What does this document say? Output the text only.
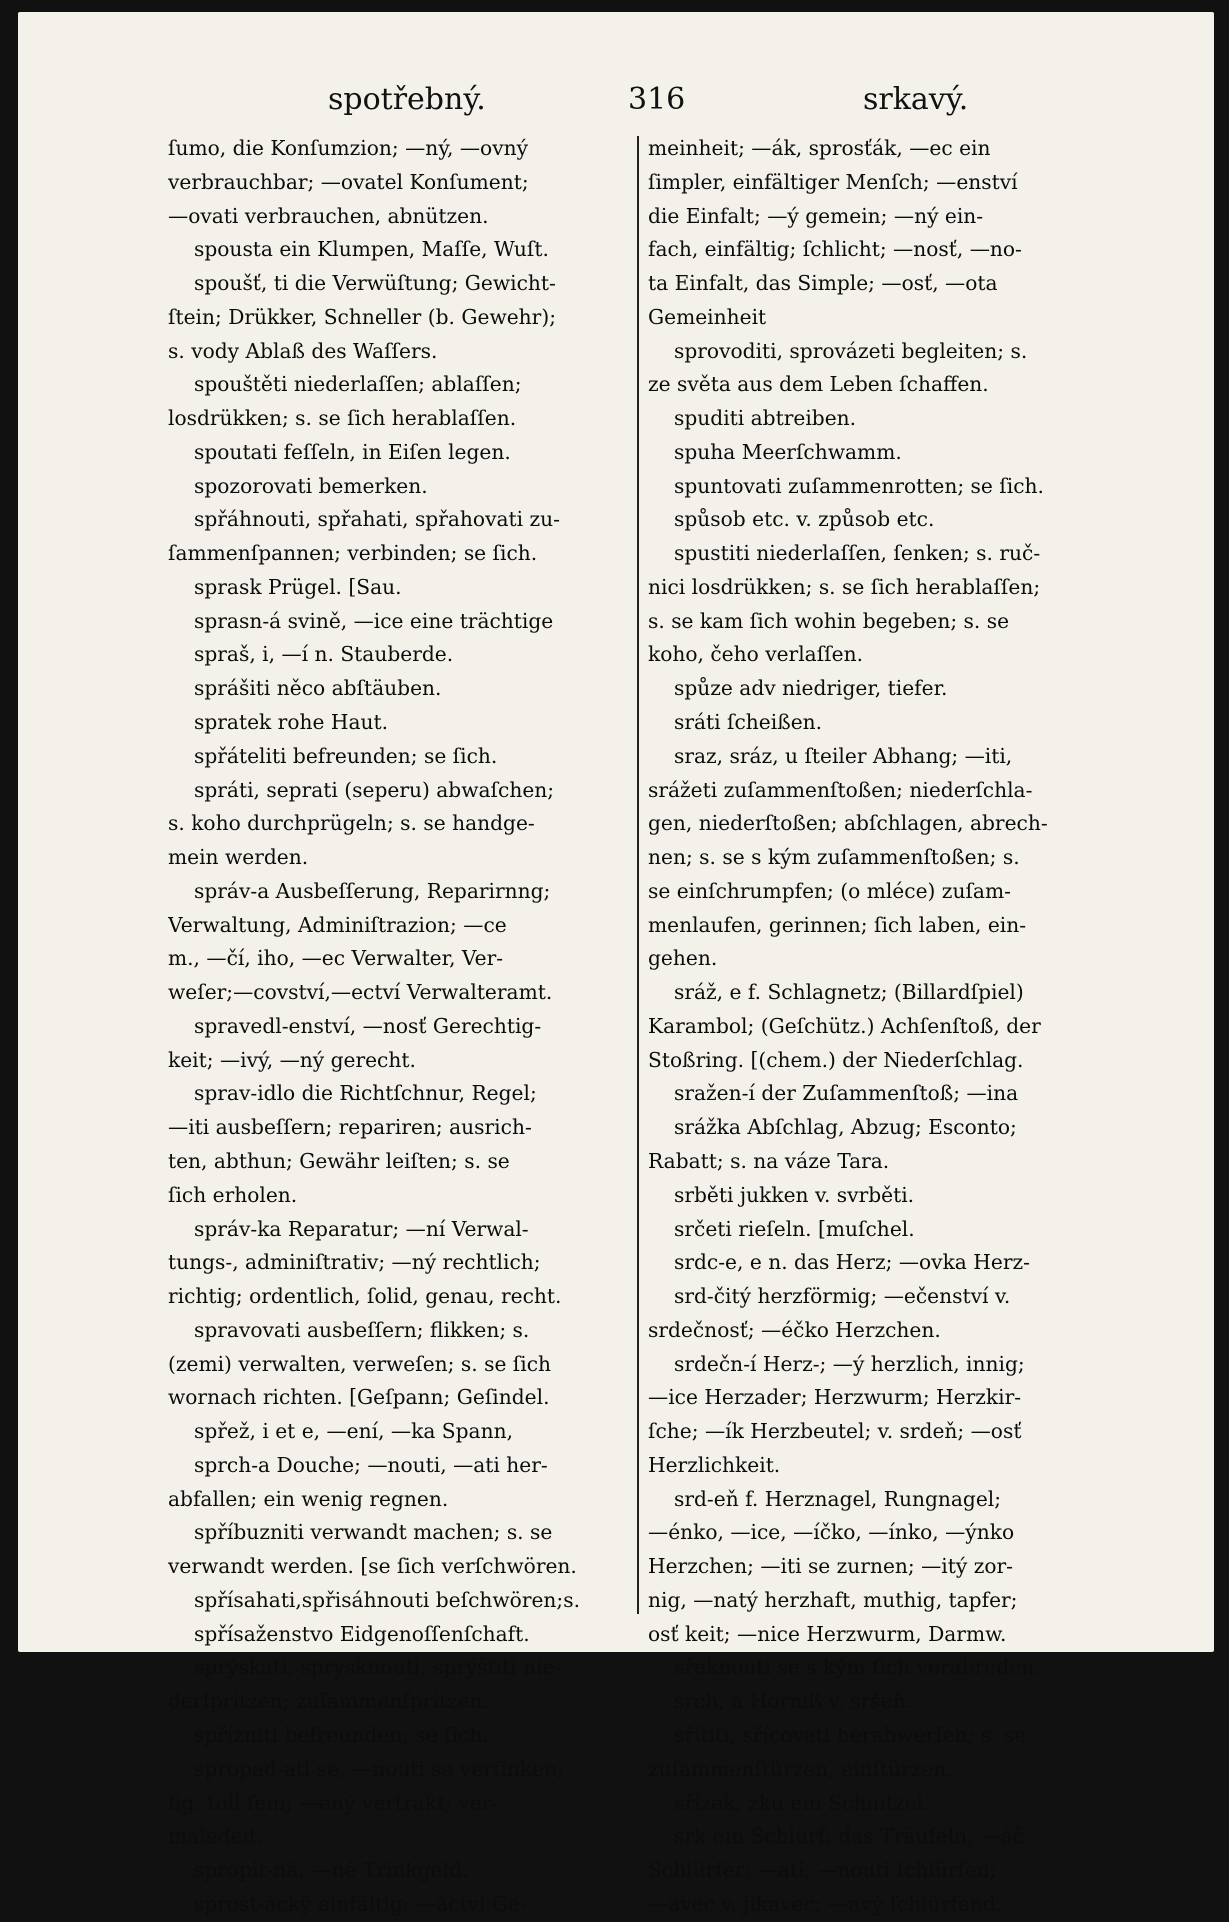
spotřebný.	316	srkavý.
ſumo, die Konſumzion; —ný, —ovný
verbrauchbar; —ovatel Konſument;
—ovati verbrauchen, abnützen.
spousta ein Klumpen, Maſſe, Wuſt.
spoušť, ti die Verwüſtung; Gewicht-
ſtein; Drükker, Schneller (b. Gewehr);
s. vody Ablaß des Waſſers.
spouštěti niederlaſſen; ablaſſen;
losdrükken; s. se ſich herablaſſen.
spoutati feſſeln, in Eiſen legen.
spozorovati bemerken.
spřáhnouti, spřahati, spřahovati zu-
ſammenſpannen; verbinden; se ſich.
sprask Prügel. [Sau.
sprasn-á svině, —ice eine trächtige
spraš, i, —í n. Stauberde.
sprášiti něco abſtäuben.
spratek rohe Haut.
spřáteliti befreunden; se ſich.
spráti, seprati (seperu) abwaſchen;
s. koho durchprügeln; s. se handge-
mein werden.
správ-a Ausbeſſerung, Reparirnng;
Verwaltung, Adminiſtrazion; —ce
m., —čí, iho, —ec Verwalter, Ver-
weſer;—covství,—ectví Verwalteramt.
spravedl-enství, —nosť Gerechtig-
keit; —ivý, —ný gerecht.
sprav-idlo die Richtſchnur, Regel;
—iti ausbeſſern; repariren; ausrich-
ten, abthun; Gewähr leiſten; s. se
ſich erholen.
správ-ka Reparatur; —ní Verwal-
tungs-, adminiſtrativ; —ný rechtlich;
richtig; ordentlich, ſolid, genau, recht.
spravovati ausbeſſern; flikken; s.
(zemi) verwalten, verweſen; s. se ſich
wornach richten. [Geſpann; Geſindel.
spřež, i et e, —ení, —ka Spann,
sprch-a Douche; —nouti, —ati her-
abfallen; ein wenig regnen.
spříbuzniti verwandt machen; s. se
verwandt werden. [se ſich verſchwören.
spřísahati,spřisáhnouti beſchwören;s.
spřísaženstvo Eidgenoſſenſchaft.
sprýskati, sprysknouti, sprýštiti nie-
derſpritzen; zuſammenſpritzen.
spřízniti befreunden; se ſich.
spropad-ati se, —nouti se verſinken;
fig. toll ſein; —ený vertrakt; ver-
maledeit.
spropit-ná, —né Trinkgeld.
sprost-áckŷ einfältig; —áctví Ge-
meinheit; —ák, sprosťák, —ec ein
ſimpler, einfältiger Menſch; —enství
die Einfalt; —ý gemein; —ný ein-
fach, einfältig; ſchlicht; —nosť, —no-
ta Einfalt, das Simple; —osť, —ota
Gemeinheit
sprovoditi, sprovázeti begleiten; s.
ze světa aus dem Leben ſchaffen.
spuditi abtreiben.
spuha Meerſchwamm.
spuntovati zuſammenrotten; se ſich.
spůsob etc. v. způsob etc.
spustiti niederlaſſen, ſenken; s. ruč-
nici losdrükken; s. se ſich herablaſſen;
s. se kam ſich wohin begeben; s. se
koho, čeho verlaſſen.
spůze adv niedriger, tiefer.
sráti ſcheißen.
sraz, sráz, u ſteiler Abhang; —iti,
srážeti zuſammenſtoßen; niederſchla-
gen, niederſtoßen; abſchlagen, abrech-
nen; s. se s kým zuſammenſtoßen; s.
se einſchrumpfen; (o mléce) zuſam-
menlaufen, gerinnen; ſich laben, ein-
gehen.
sráž, e f. Schlagnetz; (Billardſpiel)
Karambol; (Geſchütz.) Achſenſtoß, der
Stoßring. [(chem.) der Niederſchlag.
sražen-í der Zuſammenſtoß; —ina
srážka Abſchlag, Abzug; Esconto;
Rabatt; s. na váze Tara.
srběti jukken v. svrběti.
srčeti rieſeln. [muſchel.
srdc-e, e n. das Herz; —ovka Herz-
srd-čitý herzförmig; —ečenství v.
srdečnosť; —éčko Herzchen.
srdečn-í Herz-; —ý herzlich, innig;
—ice Herzader; Herzwurm; Herzkir-
ſche; —ík Herzbeutel; v. srdeň; —osť
Herzlichkeit.
srd-eň f. Herznagel, Rungnagel;
—énko, —ice, —íčko, —ínko, —ýnko
Herzchen; —iti se zurnen; —itý zor-
nig, —natý herzhaft, muthig, tapfer;
osť keit; —nice Herzwurm, Darmw.
sřeknouti se s kým ſich verabreden.
srch, a Horniß v. sršeň.
sřítiti, sřícovati herabwerfen; s. se
zuſammenſtürzen, einſtürzen.
sřízek, zku ein Schnitzel.
srk ein Schlurf; das Träufeln; —áč
Schlürfer; —ati, —nouti ſchlürfen;
—avec v. jikavec; —avý ſchlürfend.
